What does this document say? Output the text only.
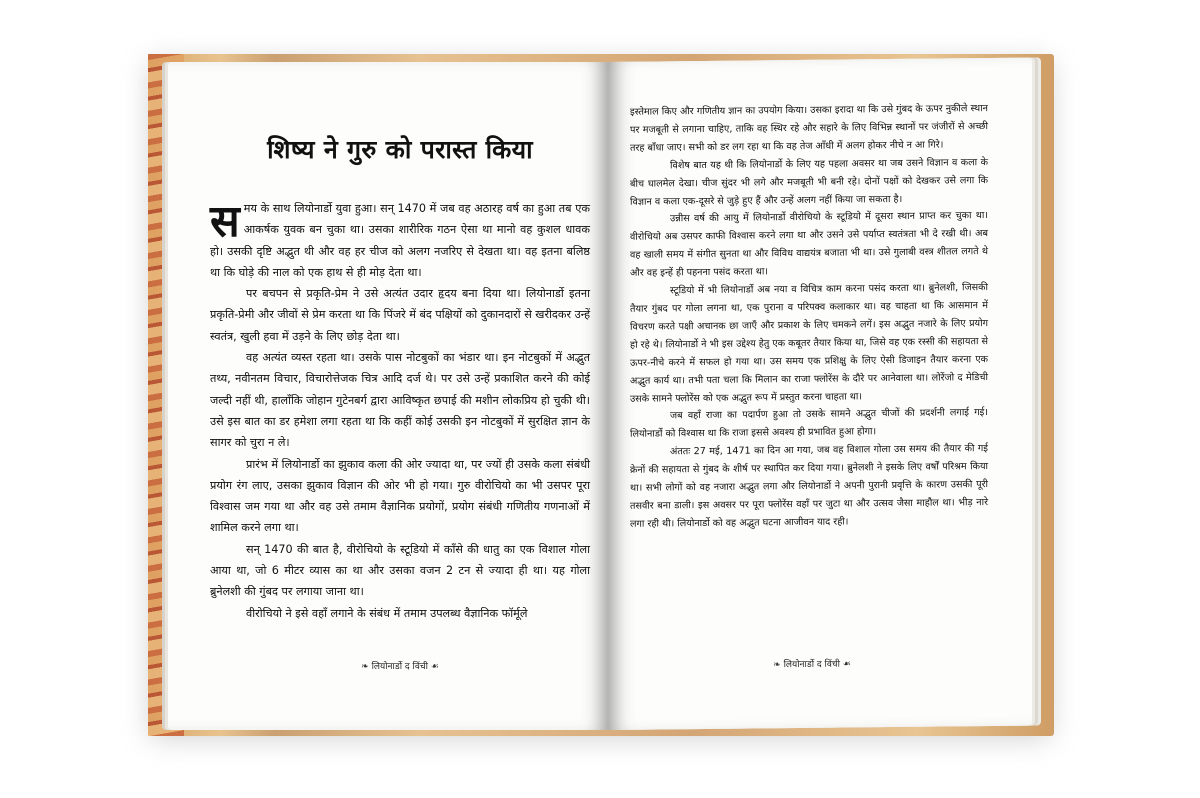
शिष्य ने गुरु को परास्त किया

समय के साथ लियोनार्डो युवा हुआ। सन् 1470 में जब वह अठारह वर्ष का हुआ तब एक आकर्षक युवक बन चुका था। उसका शारीरिक गठन ऐसा था मानो वह कुशल धावक हो। उसकी दृष्टि अद्भुत थी और वह हर चीज को अलग नजरिए से देखता था। वह इतना बलिष्ठ था कि घोड़े की नाल को एक हाथ से ही मोड़ देता था।

पर बचपन से प्रकृति-प्रेम ने उसे अत्यंत उदार हृदय बना दिया था। लियोनार्डो इतना प्रकृति-प्रेमी और जीवों से प्रेम करता था कि पिंजरे में बंद पक्षियों को दुकानदारों से खरीदकर उन्हें स्वतंत्र, खुली हवा में उड़ने के लिए छोड़ देता था।

वह अत्यंत व्यस्त रहता था। उसके पास नोटबुकों का भंडार था। इन नोटबुकों में अद्भुत तथ्य, नवीनतम विचार, विचारोत्तेजक चित्र आदि दर्ज थे। पर उसे उन्हें प्रकाशित करने की कोई जल्दी नहीं थी, हालाँकि जोहान गुटेनबर्ग द्वारा आविष्कृत छपाई की मशीन लोकप्रिय हो चुकी थी। उसे इस बात का डर हमेशा लगा रहता था कि कहीं कोई उसकी इन नोटबुकों में सुरक्षित ज्ञान के सागर को चुरा न ले।

प्रारंभ में लियोनार्डो का झुकाव कला की ओर ज्यादा था, पर ज्यों ही उसके कला संबंधी प्रयोग रंग लाए, उसका झुकाव विज्ञान की ओर भी हो गया। गुरु वीरोचियो का भी उसपर पूरा विश्वास जम गया था और वह उसे तमाम वैज्ञानिक प्रयोगों, प्रयोग संबंधी गणितीय गणनाओं में शामिल करने लगा था।

सन् 1470 की बात है, वीरोचियो के स्टूडियो में काँसे की धातु का एक विशाल गोला आया था, जो 6 मीटर व्यास का था और उसका वजन 2 टन से ज्यादा ही था। यह गोला ब्रुनेलशी की गुंबद पर लगाया जाना था।

वीरोचियो ने इसे वहाँ लगाने के संबंध में तमाम उपलब्ध वैज्ञानिक फॉर्मूले

❧ लियोनार्डो द विंची ☙

इस्तेमाल किए और गणितीय ज्ञान का उपयोग किया। उसका इरादा था कि उसे गुंबद के ऊपर नुकीले स्थान पर मजबूती से लगाना चाहिए, ताकि वह स्थिर रहे और सहारे के लिए विभिन्न स्थानों पर जंजीरों से अच्छी तरह बाँधा जाए। सभी को डर लग रहा था कि वह तेज आँधी में अलग होकर नीचे न आ गिरे।

विशेष बात यह थी कि लियोनार्डो के लिए यह पहला अवसर था जब उसने विज्ञान व कला के बीच घालमेल देखा। चीज सुंदर भी लगे और मजबूती भी बनी रहे। दोनों पक्षों को देखकर उसे लगा कि विज्ञान व कला एक-दूसरे से जुड़े हुए हैं और उन्हें अलग नहीं किया जा सकता है।

उन्नीस वर्ष की आयु में लियोनार्डो वीरोचियो के स्टूडियो में दूसरा स्थान प्राप्त कर चुका था। वीरोचियो अब उसपर काफी विश्वास करने लगा था और उसने उसे पर्याप्त स्वतंत्रता भी दे रखी थी। अब वह खाली समय में संगीत सुनता था और विविध वाद्ययंत्र बजाता भी था। उसे गुलाबी वस्त्र शीतल लगते थे और वह इन्हें ही पहनना पसंद करता था।

स्टूडियो में भी लियोनार्डो अब नया व विचित्र काम करना पसंद करता था। ब्रुनेलशी, जिसकी तैयार गुंबद पर गोला लगना था, एक पुराना व परिपक्व कलाकार था। वह चाहता था कि आसमान में विचरण करते पक्षी अचानक छा जाएँ और प्रकाश के लिए चमकने लगें। इस अद्भुत नजारे के लिए प्रयोग हो रहे थे। लियोनार्डो ने भी इस उद्देश्य हेतु एक कबूतर तैयार किया था, जिसे वह एक रस्सी की सहायता से ऊपर-नीचे करने में सफल हो गया था। उस समय एक प्रशिक्षु के लिए ऐसी डिजाइन तैयार करना एक अद्भुत कार्य था। तभी पता चला कि मिलान का राजा फ्लोरेंस के दौरे पर आनेवाला था। लोरेंजो द मेडिची उसके सामने फ्लोरेंस को एक अद्भुत रूप में प्रस्तुत करना चाहता था।

जब वहाँ राजा का पदार्पण हुआ तो उसके सामने अद्भुत चीजों की प्रदर्शनी लगाई गई। लियोनार्डो को विश्वास था कि राजा इससे अवश्य ही प्रभावित हुआ होगा।

अंततः 27 मई, 1471 का दिन आ गया, जब वह विशाल गोला उस समय की तैयार की गई क्रेनों की सहायता से गुंबद के शीर्ष पर स्थापित कर दिया गया। ब्रुनेलशी ने इसके लिए वर्षों परिश्रम किया था। सभी लोगों को वह नजारा अद्भुत लगा और लियोनार्डो ने अपनी पुरानी प्रवृत्ति के कारण उसकी पूरी तसवीर बना डाली। इस अवसर पर पूरा फ्लोरेंस वहाँ पर जुटा था और उत्सव जैसा माहौल था। भीड़ नारे लगा रही थी। लियोनार्डो को वह अद्भुत घटना आजीवन याद रही।

❧ लियोनार्डो द विंची ☙
